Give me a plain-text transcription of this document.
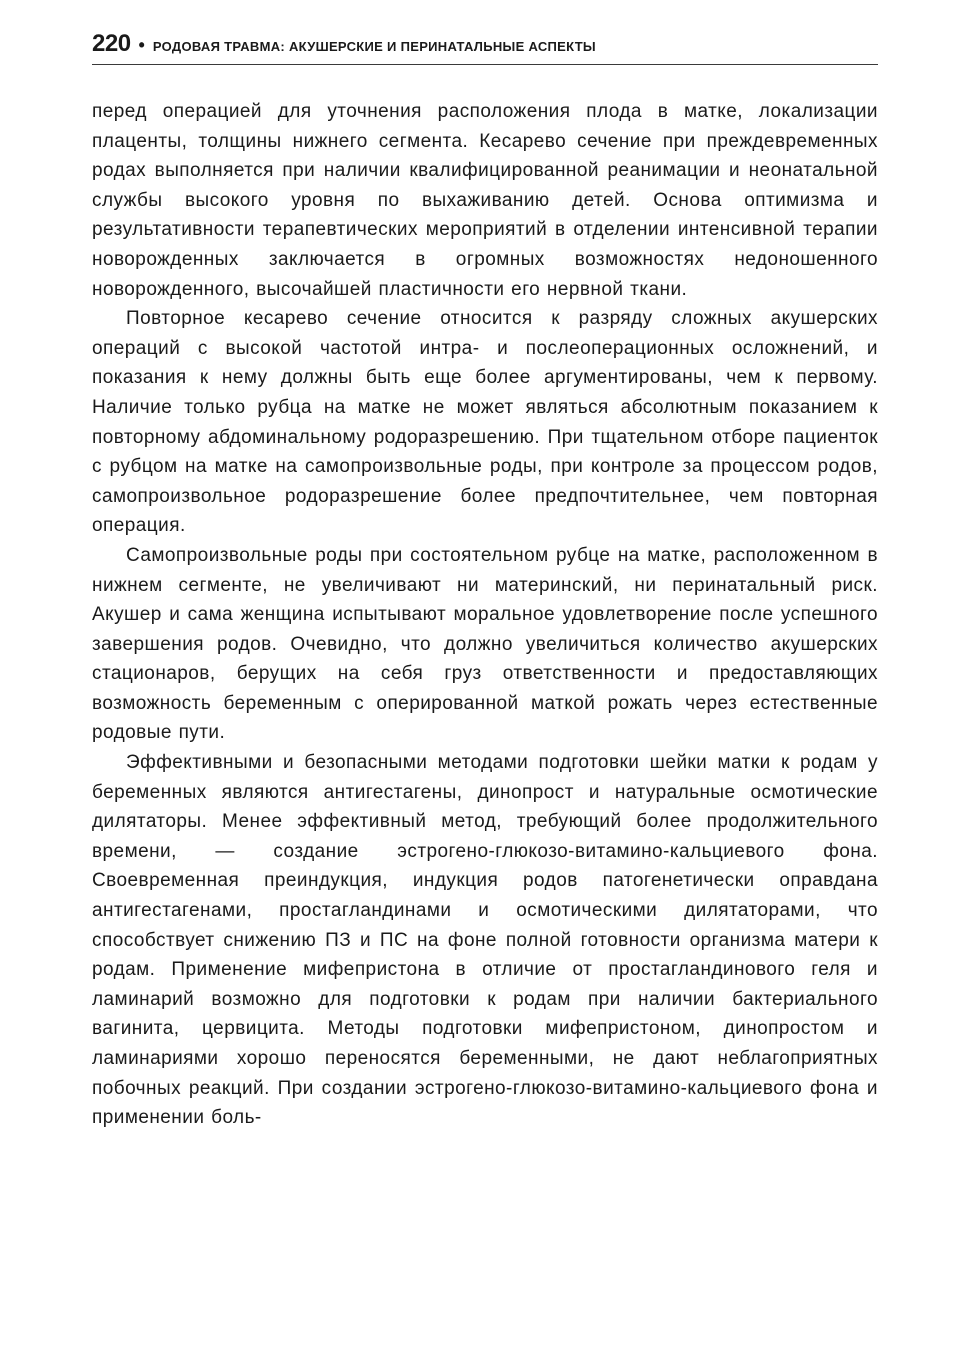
220 • РОДОВАЯ ТРАВМА: АКУШЕРСКИЕ И ПЕРИНАТАЛЬНЫЕ АСПЕКТЫ

перед операцией для уточнения расположения плода в матке, локализации плаценты, толщины нижнего сегмента. Кесарево сечение при преждевременных родах выполняется при наличии квалифицированной реанимации и неонатальной службы высокого уровня по выхаживанию детей. Основа оптимизма и результативности терапевтических мероприятий в отделении интенсивной терапии новорожденных заключается в огромных возможностях недоношенного новорожденного, высочайшей пластичности его нервной ткани.

Повторное кесарево сечение относится к разряду сложных акушерских операций с высокой частотой интра- и послеоперационных осложнений, и показания к нему должны быть еще более аргументированы, чем к первому. Наличие только рубца на матке не может являться абсолютным показанием к повторному абдоминальному родоразрешению. При тщательном отборе пациенток с рубцом на матке на самопроизвольные роды, при контроле за процессом родов, самопроизвольное родоразрешение более предпочтительнее, чем повторная операция.

Самопроизвольные роды при состоятельном рубце на матке, расположенном в нижнем сегменте, не увеличивают ни материнский, ни перинатальный риск. Акушер и сама женщина испытывают моральное удовлетворение после успешного завершения родов. Очевидно, что должно увеличиться количество акушерских стационаров, берущих на себя груз ответственности и предоставляющих возможность беременным с оперированной маткой рожать через естественные родовые пути.

Эффективными и безопасными методами подготовки шейки матки к родам у беременных являются антигестагены, динопрост и натуральные осмотические дилятаторы. Менее эффективный метод, требующий более продолжительного времени, — создание эстрогено-глюкозо-витамино-кальциевого фона. Своевременная преиндукция, индукция родов патогенетически оправдана антигестагенами, простагландинами и осмотическими дилятаторами, что способствует снижению ПЗ и ПС на фоне полной готовности организма матери к родам. Применение мифепристона в отличие от простагландинового геля и ламинарий возможно для подготовки к родам при наличии бактериального вагинита, цервицита. Методы подготовки мифепристоном, динопростом и ламинариями хорошо переносятся беременными, не дают неблагоприятных побочных реакций. При создании эстрогено-глюкозо-витамино-кальциевого фона и применении боль-
